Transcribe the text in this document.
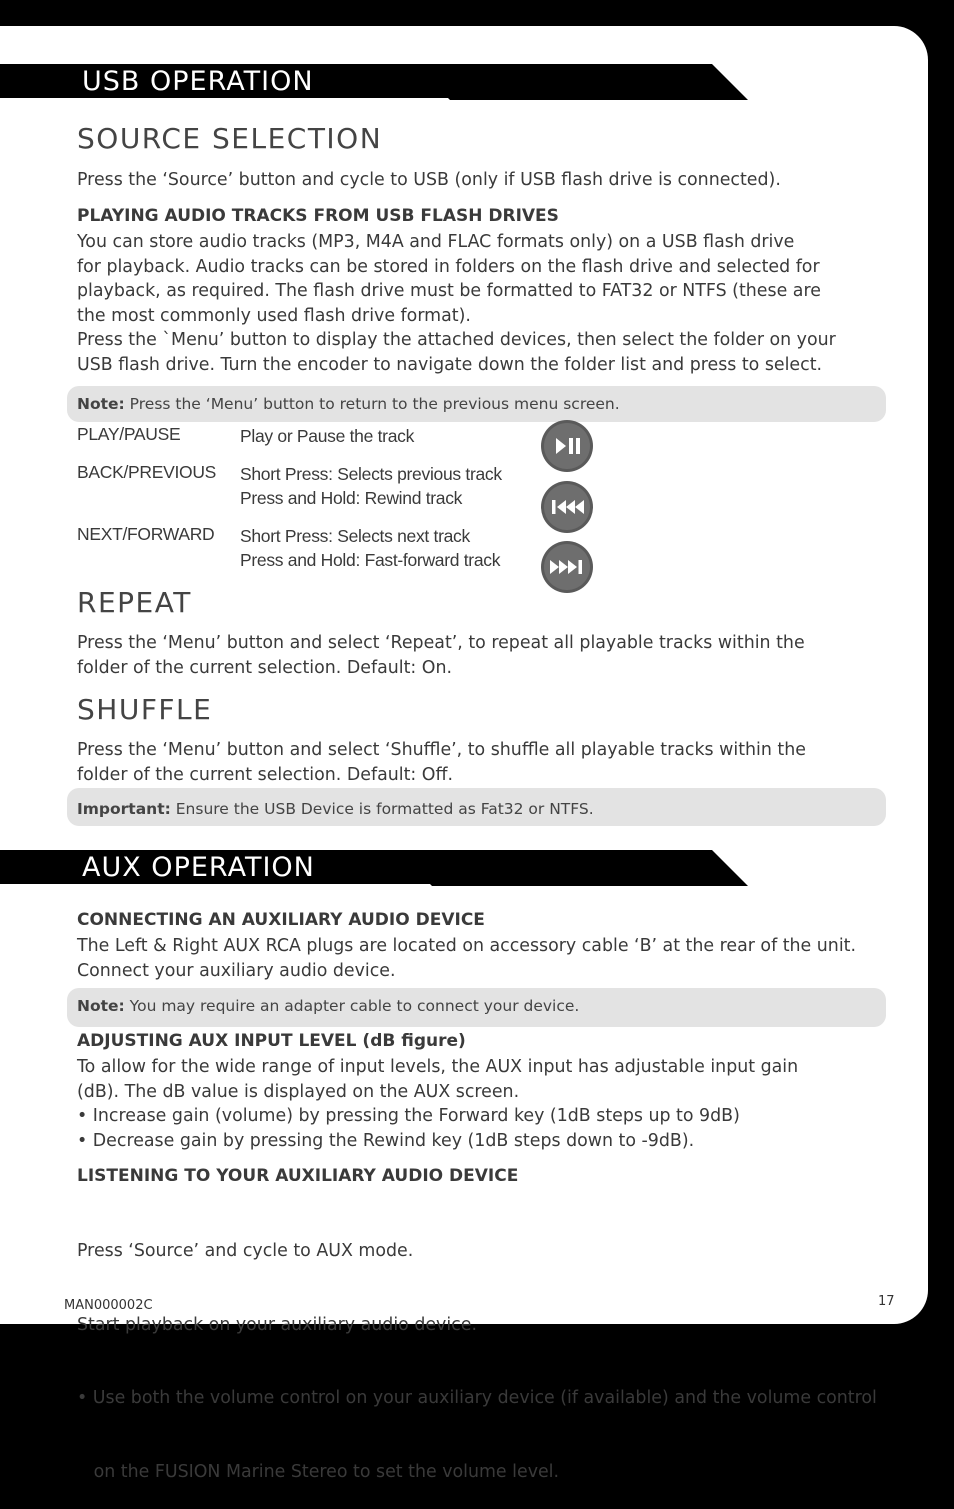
USB OPERATION
SOURCE SELECTION

Press the ‘Source’ button and cycle to USB (only if USB flash drive is connected).

PLAYING AUDIO TRACKS FROM USB FLASH DRIVES
You can store audio tracks (MP3, M4A and FLAC formats only) on a USB flash drive
for playback. Audio tracks can be stored in folders on the flash drive and selected for
playback, as required. The flash drive must be formatted to FAT32 or NTFS (these are
the most commonly used flash drive format).
Press the `Menu’ button to display the attached devices, then select the folder on your
USB flash drive. Turn the encoder to navigate down the folder list and press to select.
Note: Press the ‘Menu’ button to return to the previous menu screen.
PLAY/PAUSE	Play or Pause the track
BACK/PREVIOUS Short Press: Selects previous track
Press and Hold: Rewind track
NEXT/FORWARD Short Press: Selects next track
Press and Hold: Fast-forward track
REPEAT
Press the ‘Menu’ button and select ‘Repeat’, to repeat all playable tracks within the
folder of the current selection. Default: On.
SHUFFLE
Press the ‘Menu’ button and select ‘Shuffle’, to shuffle all playable tracks within the
folder of the current selection. Default: Off.
Important: Ensure the USB Device is formatted as Fat32 or NTFS.
AUX OPERATION
CONNECTING AN AUXILIARY AUDIO DEVICE
The Left & Right AUX RCA plugs are located on accessory cable ‘B’ at the rear of the unit.
Connect your auxiliary audio device.
Note: You may require an adapter cable to connect your device.
ADJUSTING AUX INPUT LEVEL (dB figure)
To allow for the wide range of input levels, the AUX input has adjustable input gain
(dB). The dB value is displayed on the AUX screen.
• Increase gain (volume) by pressing the Forward key (1dB steps up to 9dB)
• Decrease gain by pressing the Rewind key (1dB steps down to -9dB).
LISTENING TO YOUR AUXILIARY AUDIO DEVICE

Press ‘Source’ and cycle to AUX mode.

Start playback on your auxiliary audio device.

• Use both the volume control on your auxiliary device (if available) and the volume control

on the FUSION Marine Stereo to set the volume level.

MAN000002C	17
